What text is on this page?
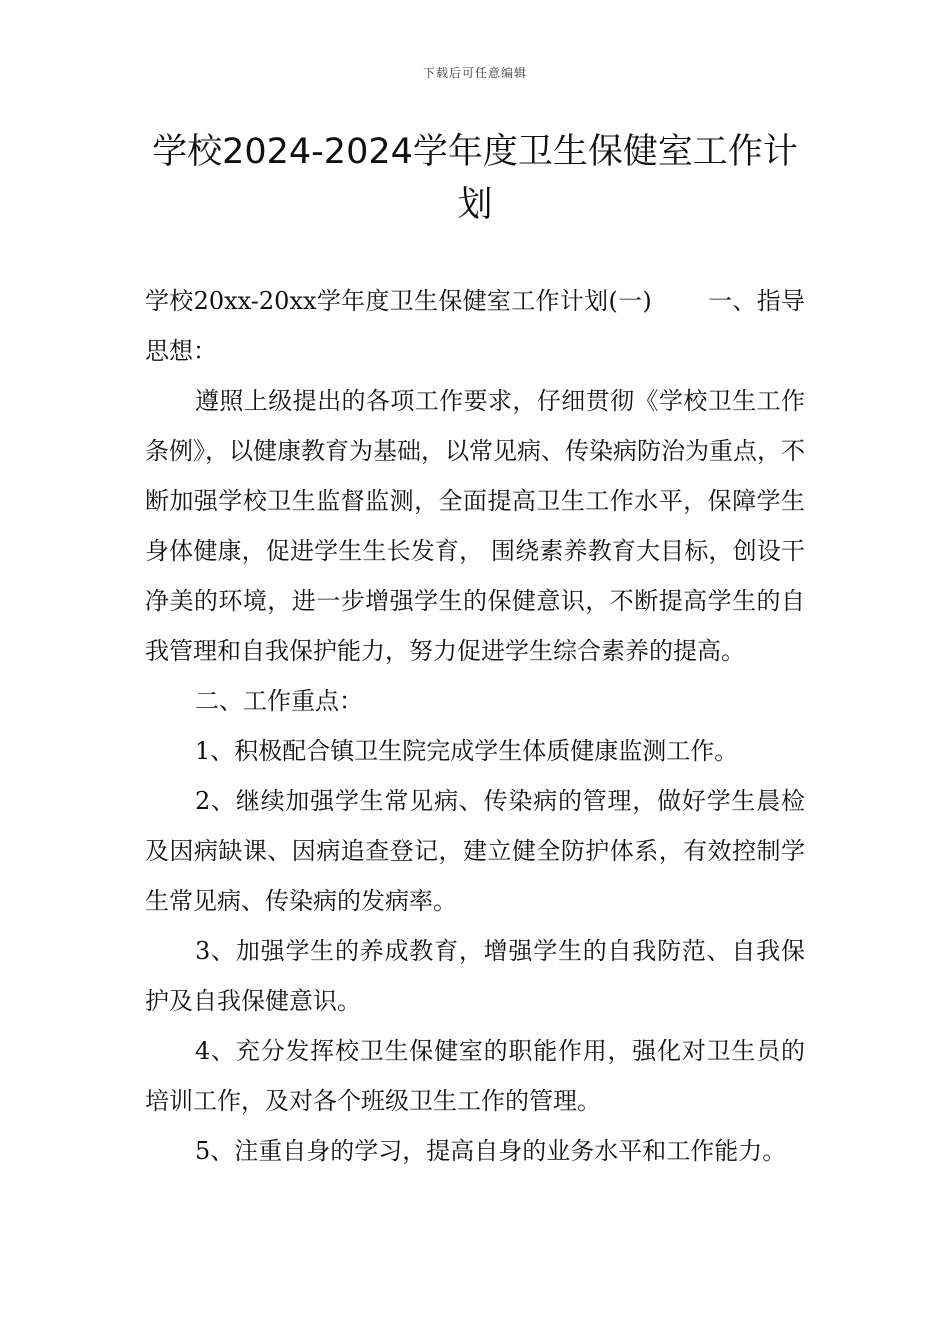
下载后可任意编辑
学校2024-2024学年度卫生保健室工作计划

学校20xx-20xx学年度卫生保健室工作计划(一) 一、指导思想：

遵照上级提出的各项工作要求，仔细贯彻《学校卫生工作条例》，以健康教育为基础，以常见病、传染病防治为重点，不断加强学校卫生监督监测，全面提高卫生工作水平，保障学生身体健康，促进学生生长发育， 围绕素养教育大目标，创设干净美的环境，进一步增强学生的保健意识，不断提高学生的自我管理和自我保护能力，努力促进学生综合素养的提高。

二、工作重点：

1、积极配合镇卫生院完成学生体质健康监测工作。

2、继续加强学生常见病、传染病的管理，做好学生晨检及因病缺课、因病追查登记，建立健全防护体系，有效控制学生常见病、传染病的发病率。

3、加强学生的养成教育，增强学生的自我防范、自我保护及自我保健意识。

4、充分发挥校卫生保健室的职能作用，强化对卫生员的培训工作，及对各个班级卫生工作的管理。

5、注重自身的学习，提高自身的业务水平和工作能力。
